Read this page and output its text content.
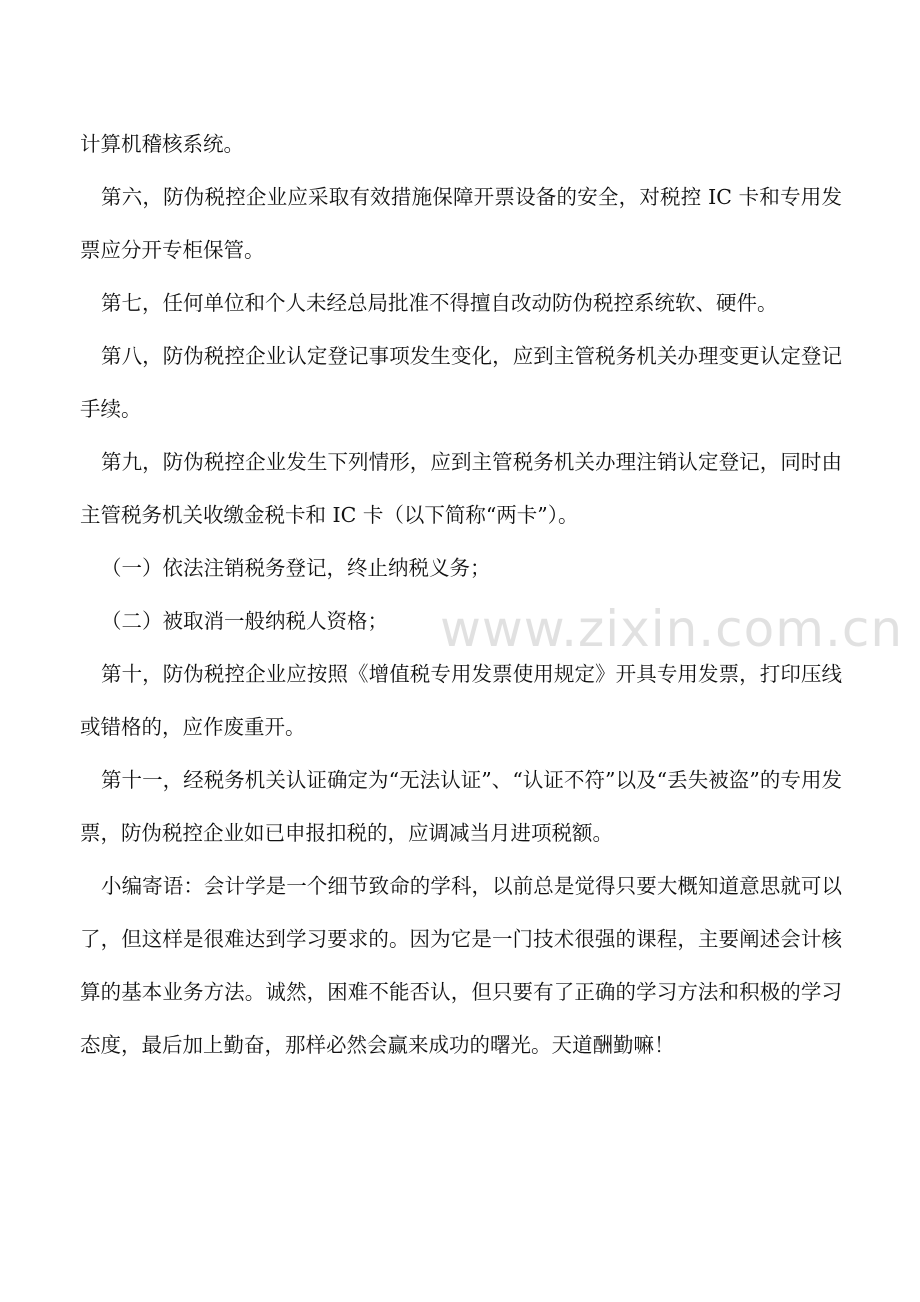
计算机稽核系统。

第六，防伪税控企业应采取有效措施保障开票设备的安全，对税控 IC 卡和专用发票应分开专柜保管。

第七，任何单位和个人未经总局批准不得擅自改动防伪税控系统软、硬件。

第八，防伪税控企业认定登记事项发生变化，应到主管税务机关办理变更认定登记手续。

第九，防伪税控企业发生下列情形，应到主管税务机关办理注销认定登记，同时由主管税务机关收缴金税卡和 IC 卡（以下简称“两卡”）。

（一）依法注销税务登记，终止纳税义务；

（二）被取消一般纳税人资格；

第十，防伪税控企业应按照《增值税专用发票使用规定》开具专用发票，打印压线或错格的，应作废重开。

第十一，经税务机关认证确定为“无法认证”、“认证不符”以及“丢失被盗”的专用发票，防伪税控企业如已申报扣税的，应调减当月进项税额。

小编寄语：会计学是一个细节致命的学科，以前总是觉得只要大概知道意思就可以了，但这样是很难达到学习要求的。因为它是一门技术很强的课程，主要阐述会计核算的基本业务方法。诚然，困难不能否认，但只要有了正确的学习方法和积极的学习态度，最后加上勤奋，那样必然会赢来成功的曙光。天道酬勤嘛！

www.zixin.com.cn
